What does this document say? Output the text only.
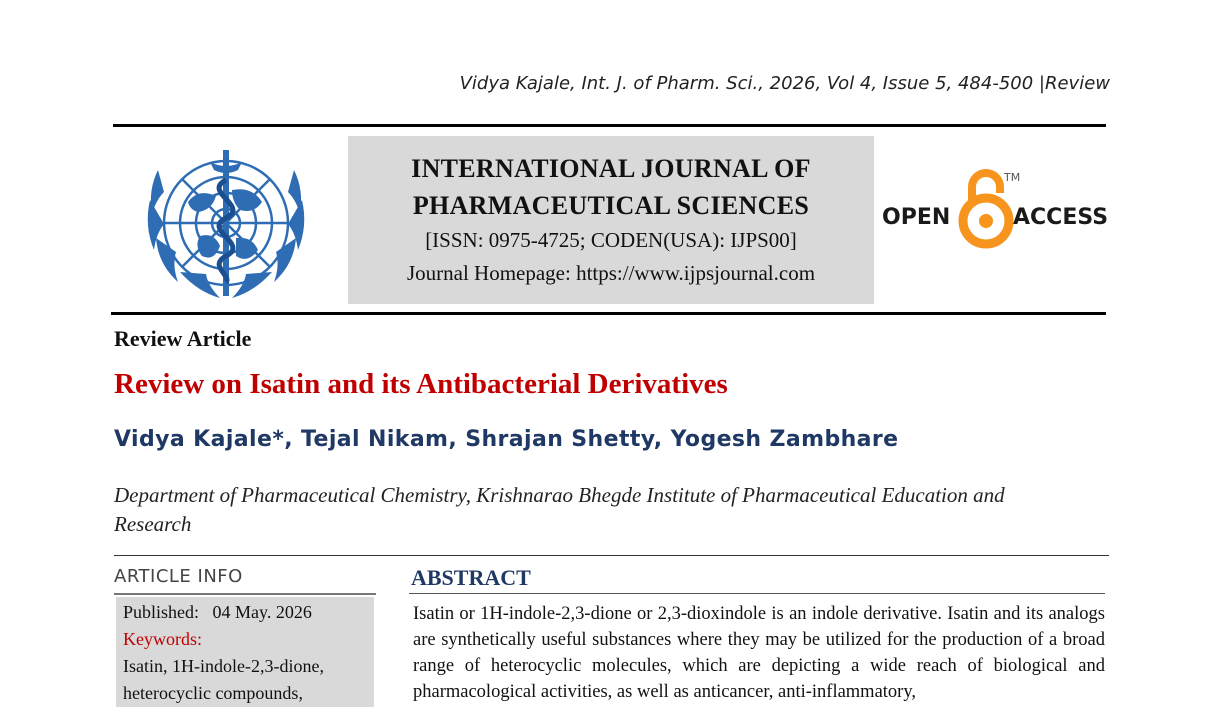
Vidya Kajale, Int. J. of Pharm. Sci., 2026, Vol 4, Issue 5, 484-500 |Review
INTERNATIONAL JOURNAL OF
PHARMACEUTICAL SCIENCES
[ISSN: 0975-4725; CODEN(USA): IJPS00]
Journal Homepage: https://www.ijpsjournal.com
OPEN
TM
ACCESS
Review Article
Review on Isatin and its Antibacterial Derivatives
Vidya Kajale*, Tejal Nikam, Shrajan Shetty, Yogesh Zambhare
Department of Pharmaceutical Chemistry, Krishnarao Bhegde Institute of Pharmaceutical Education and Research
ARTICLE INFO
Published: 04 May. 2026
Keywords:
Isatin, 1H-indole-2,3-dione, heterocyclic compounds,
ABSTRACT
Isatin or 1H-indole-2,3-dione or 2,3-dioxindole is an indole derivative. Isatin and its analogs are synthetically useful substances where they may be utilized for the production of a broad range of heterocyclic molecules, which are depicting a wide reach of biological and pharmacological activities, as well as anticancer, anti-inflammatory,
